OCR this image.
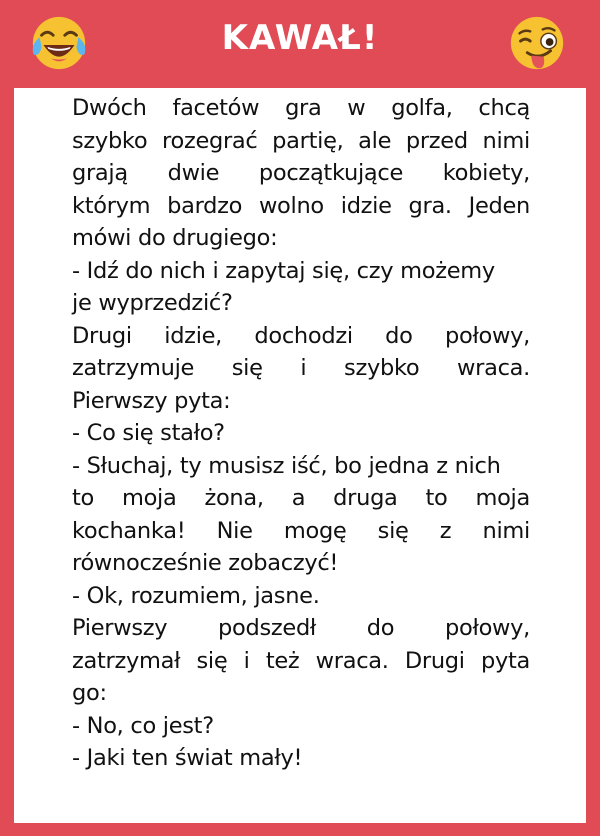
KAWAŁ!
Dwóch facetów gra w golfa, chcą
szybko rozegrać partię, ale przed nimi
grają dwie początkujące kobiety,
którym bardzo wolno idzie gra. Jeden
mówi do drugiego:
- Idź do nich i zapytaj się, czy możemy
je wyprzedzić?
Drugi idzie, dochodzi do połowy,
zatrzymuje się i szybko wraca.
Pierwszy pyta:
- Co się stało?
- Słuchaj, ty musisz iść, bo jedna z nich
to moja żona, a druga to moja
kochanka! Nie mogę się z nimi
równocześnie zobaczyć!
- Ok, rozumiem, jasne.
Pierwszy podszedł do połowy,
zatrzymał się i też wraca. Drugi pyta
go:
- No, co jest?
- Jaki ten świat mały!
